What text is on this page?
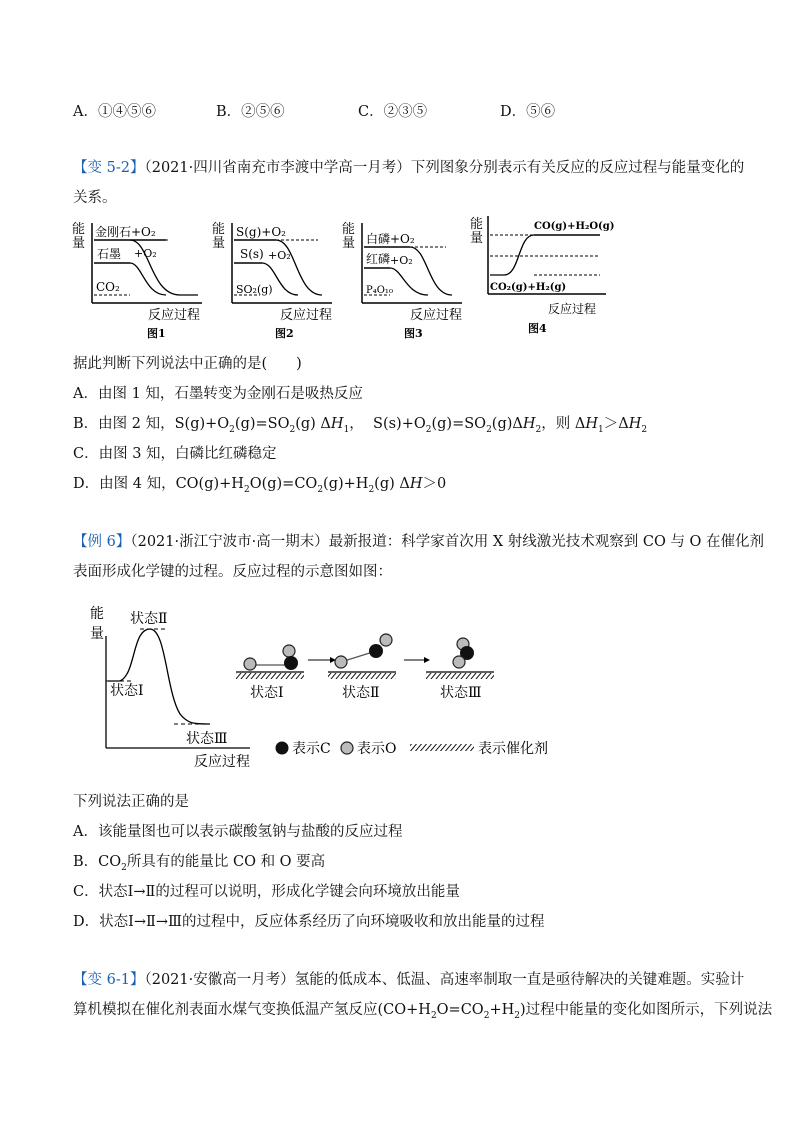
A．①④⑤⑥	B．②⑤⑥	C．②③⑤	D．⑤⑥
【变 5-2】（2021·四川省南充市李渡中学高一月考）下列图象分别表示有关反应的反应过程与能量变化的
关系。
能
量
金刚石+O₂
石墨 +O₂
CO₂
反应过程
图1
能
量
S(g)+O₂
S(s) +O₂
SO₂(g)
反应过程
图2
能
量 白磷+O₂
红磷 +O₂
P₄O₁₀
反应过程
图3
能
量
CO(g)+H₂O(g)
CO₂(g)+H₂(g)
反应过程
图4
据此判断下列说法中正确的是(　　)
A．由图 1 知，石墨转变为金刚石是吸热反应
B．由图 2 知，$S(g)+O_2(g)=SO_2(g)$ $\Delta H_1$，  $S(s)+O_2(g)=SO_2(g)\Delta H_2$，则 $\Delta H_1>\Delta H_2$
C．由图 3 知，白磷比红磷稳定
D．由图 4 知，$CO(g)+H_2O(g)=CO_2(g)+H_2(g)$ ΔH＞0
【例 6】（2021·浙江宁波市·高一期末）最新报道：科学家首次用 X 射线激光技术观察到 CO 与 O 在催化剂
表面形成化学键的过程。反应过程的示意图如图：
能
量
状态Ⅱ
状态Ⅰ
状态Ⅲ
反应过程
状态Ⅰ	状态Ⅱ	状态Ⅲ
表示C 表示O	表示催化剂
下列说法正确的是
A．该能量图也可以表示碳酸氢钠与盐酸的反应过程
B．$CO_2$所具有的能量比 CO 和 O 要高
C．状态Ⅰ→Ⅱ的过程可以说明，形成化学键会向环境放出能量
D．状态Ⅰ→Ⅱ→Ⅲ的过程中，反应体系经历了向环境吸收和放出能量的过程
【变 6-1】（2021·安徽高一月考）氢能的低成本、低温、高速率制取一直是亟待解决的关键难题。实验计
算机模拟在催化剂表面水煤气变换低温产氢反应$(CO+H_2O=CO_2+H_2)$过程中能量的变化如图所示，下列说法
